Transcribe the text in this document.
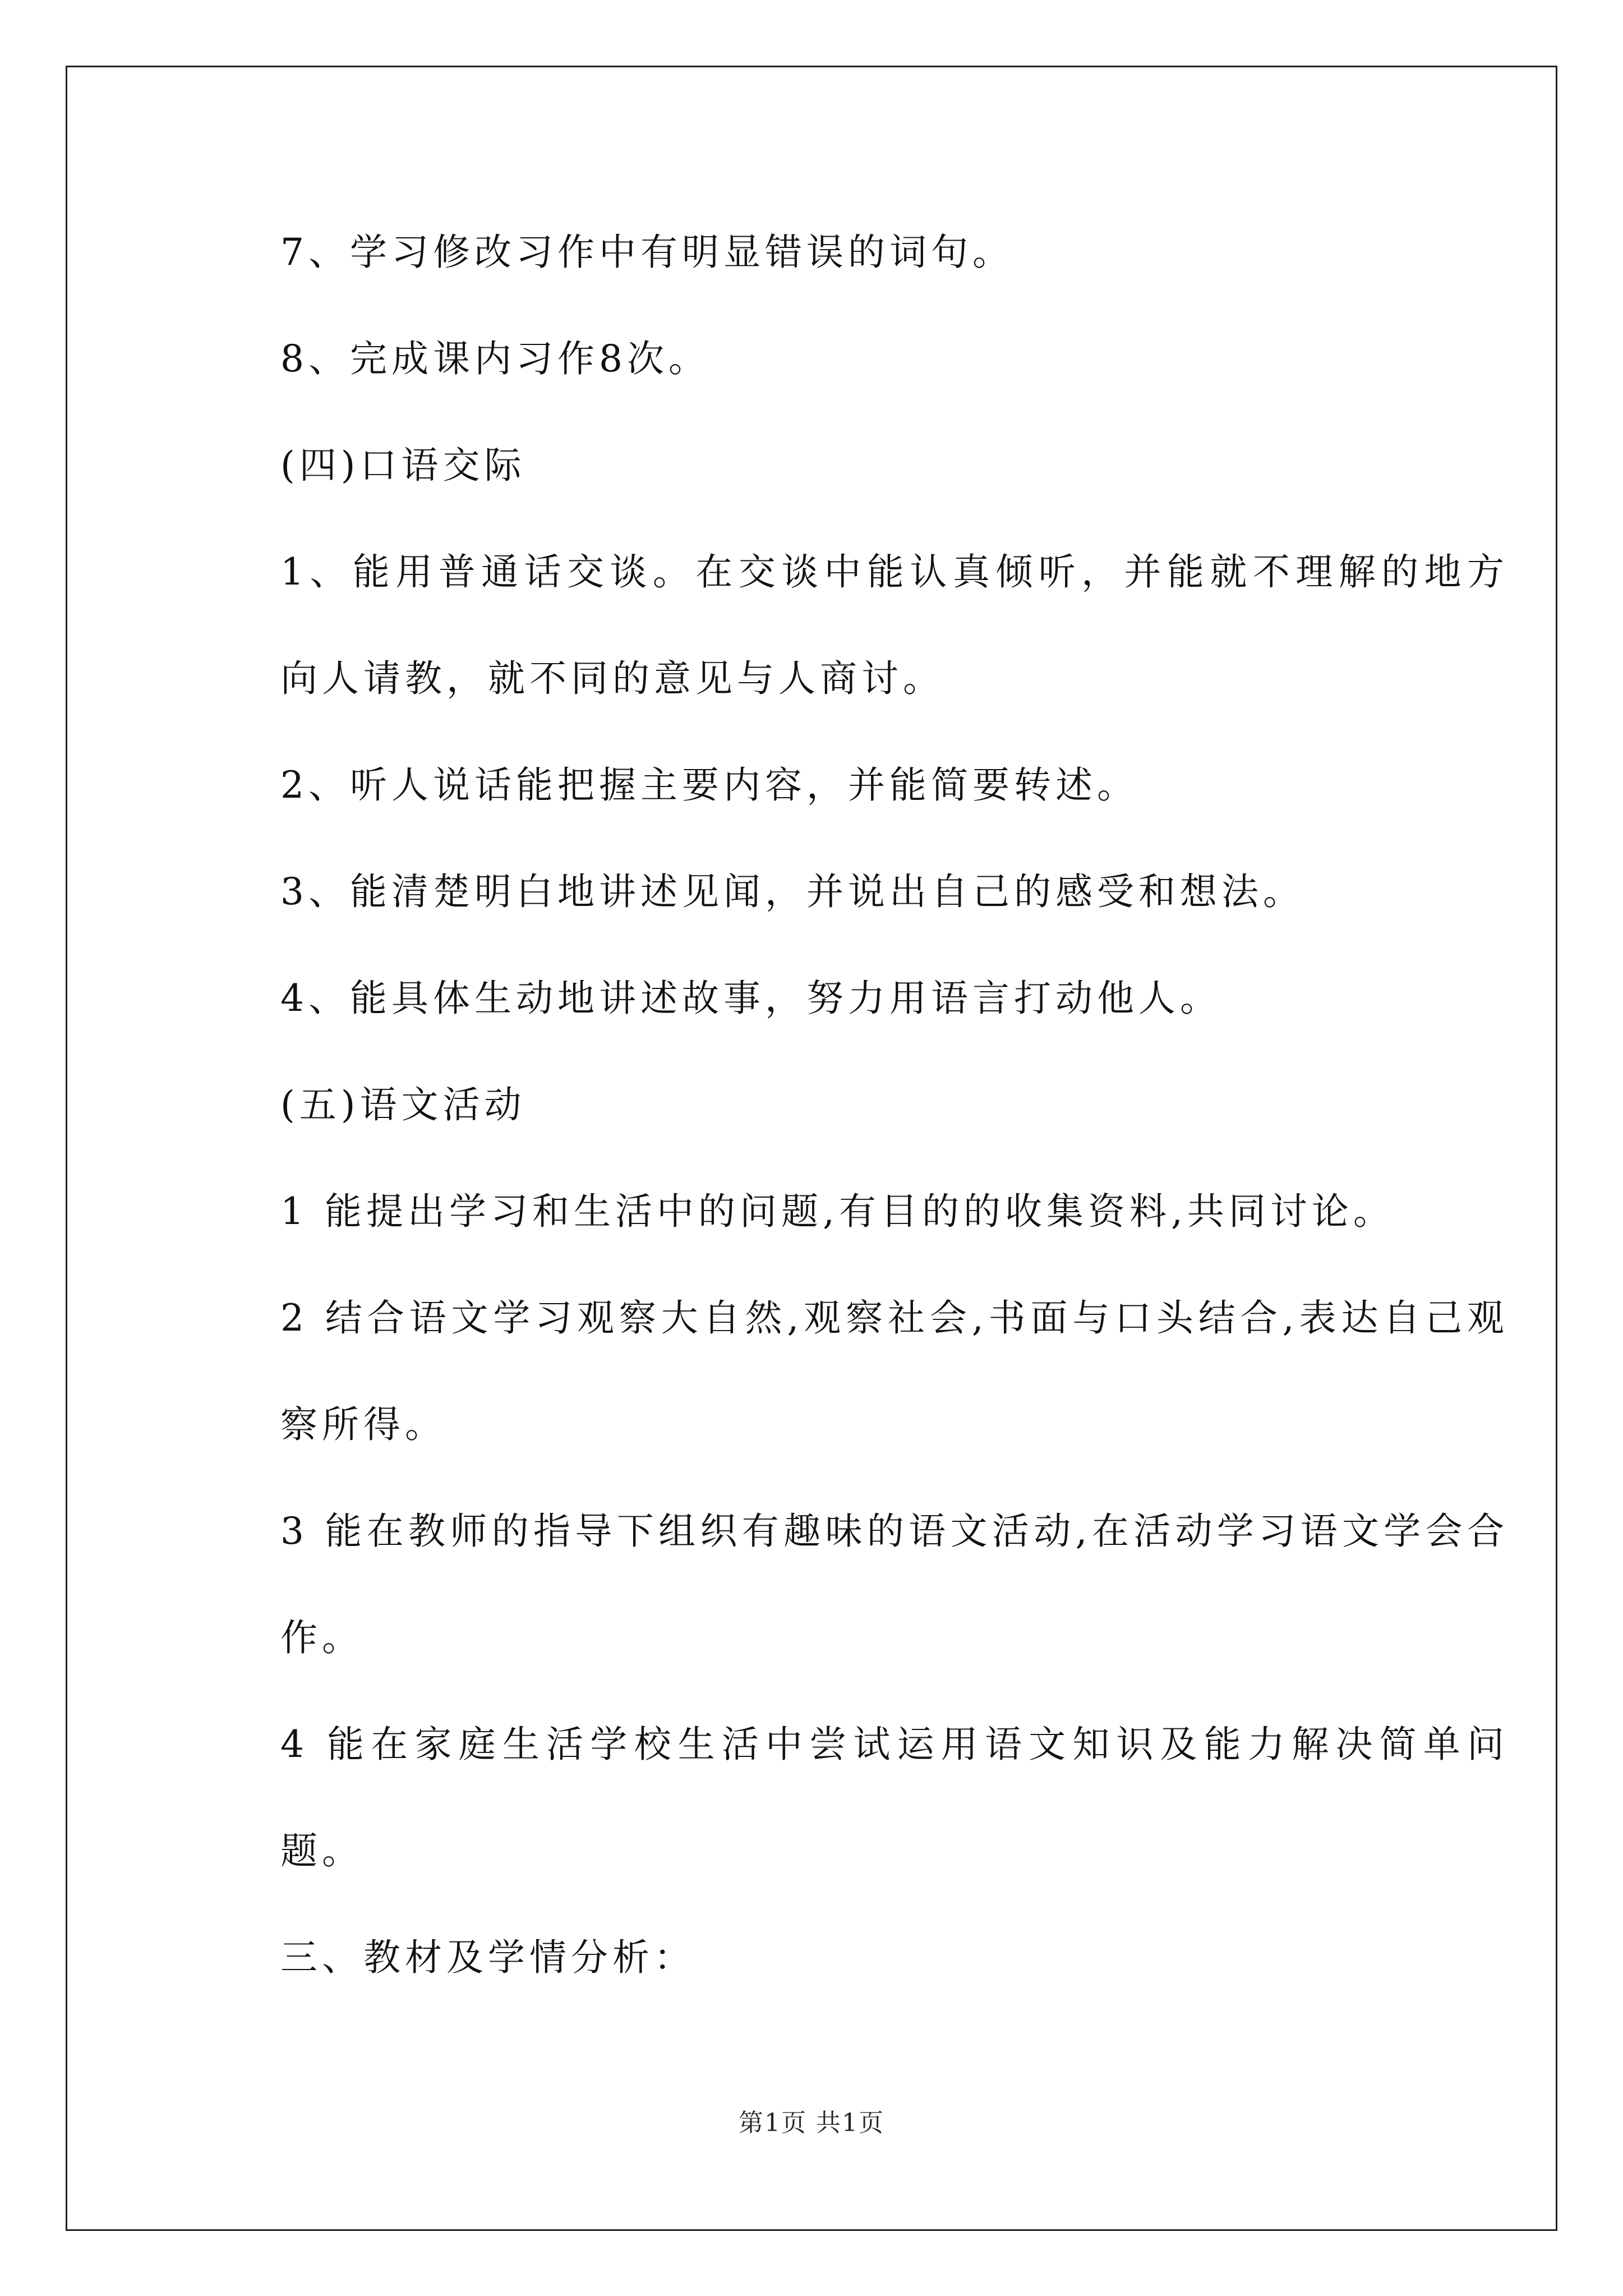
7、学习修改习作中有明显错误的词句。
8、完成课内习作8次。
(四)口语交际
1、能用普通话交谈。在交谈中能认真倾听，并能就不理解的地方向人请教，就不同的意见与人商讨。
2、听人说话能把握主要内容，并能简要转述。
3、能清楚明白地讲述见闻，并说出自己的感受和想法。
4、能具体生动地讲述故事，努力用语言打动他人。
(五)语文活动
1 能提出学习和生活中的问题,有目的的收集资料,共同讨论。
2 结合语文学习观察大自然,观察社会,书面与口头结合,表达自己观察所得。
3 能在教师的指导下组织有趣味的语文活动,在活动学习语文学会合作。
4 能在家庭生活学校生活中尝试运用语文知识及能力解决简单问题。
三、教材及学情分析：
第1页 共1页
